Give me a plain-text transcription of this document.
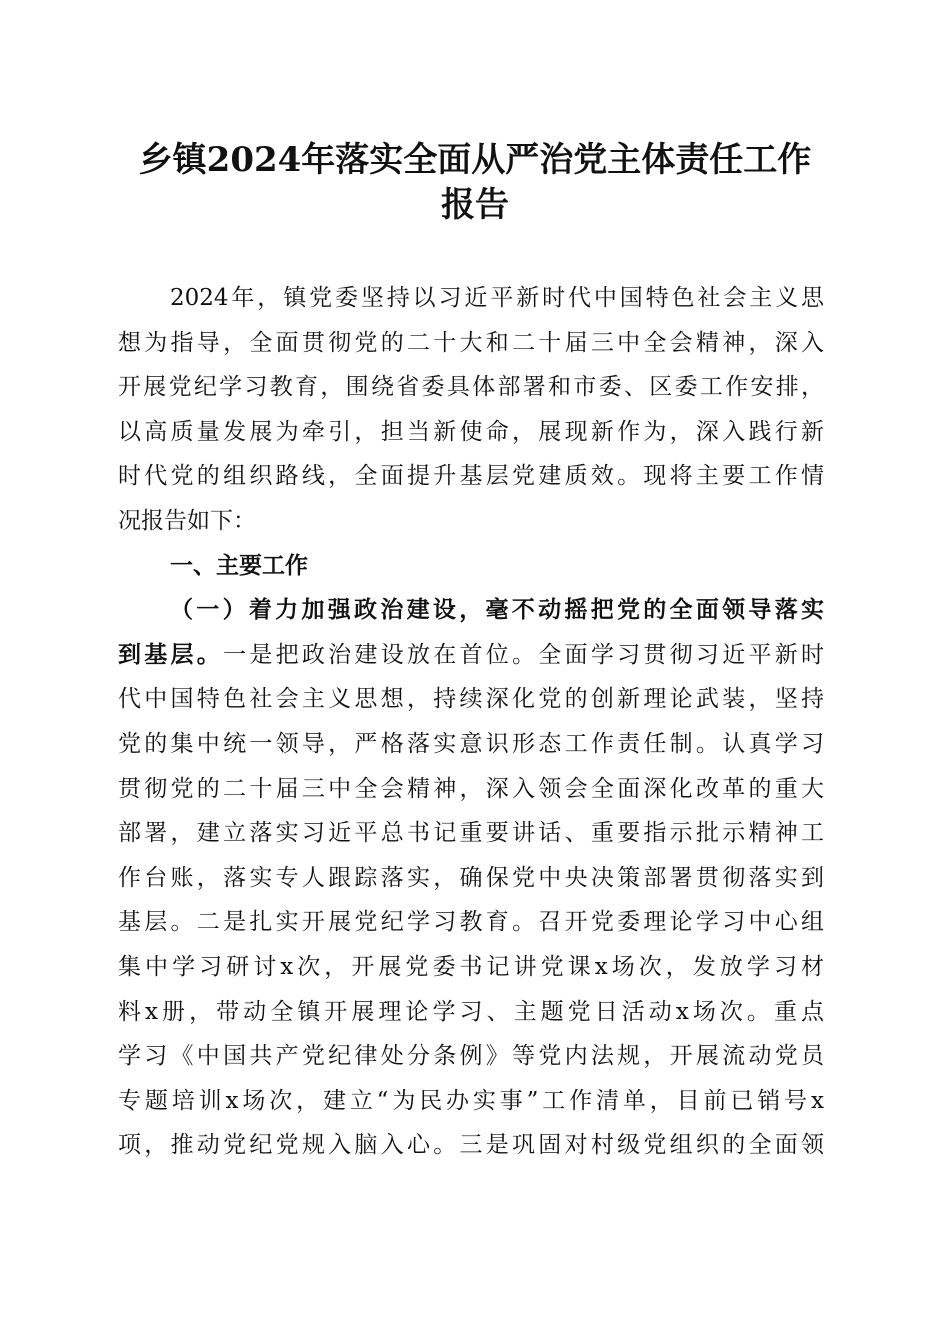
乡镇2024年落实全面从严治党主体责任工作
报告
2024年，镇党委坚持以习近平新时代中国特色社会主义思
想为指导，全面贯彻党的二十大和二十届三中全会精神，深入
开展党纪学习教育，围绕省委具体部署和市委、区委工作安排，
以高质量发展为牵引，担当新使命，展现新作为，深入践行新
时代党的组织路线，全面提升基层党建质效。现将主要工作情
况报告如下：
一、主要工作
（一）着力加强政治建设，毫不动摇把党的全面领导落实
到基层。一是把政治建设放在首位。全面学习贯彻习近平新时
代中国特色社会主义思想，持续深化党的创新理论武装，坚持
党的集中统一领导，严格落实意识形态工作责任制。认真学习
贯彻党的二十届三中全会精神，深入领会全面深化改革的重大
部署，建立落实习近平总书记重要讲话、重要指示批示精神工
作台账，落实专人跟踪落实，确保党中央决策部署贯彻落实到
基层。二是扎实开展党纪学习教育。召开党委理论学习中心组
集中学习研讨x次，开展党委书记讲党课x场次，发放学习材
料x册，带动全镇开展理论学习、主题党日活动x场次。重点
学习《中国共产党纪律处分条例》等党内法规，开展流动党员
专题培训x场次，建立“为民办实事”工作清单，目前已销号x
项，推动党纪党规入脑入心。三是巩固对村级党组织的全面领
